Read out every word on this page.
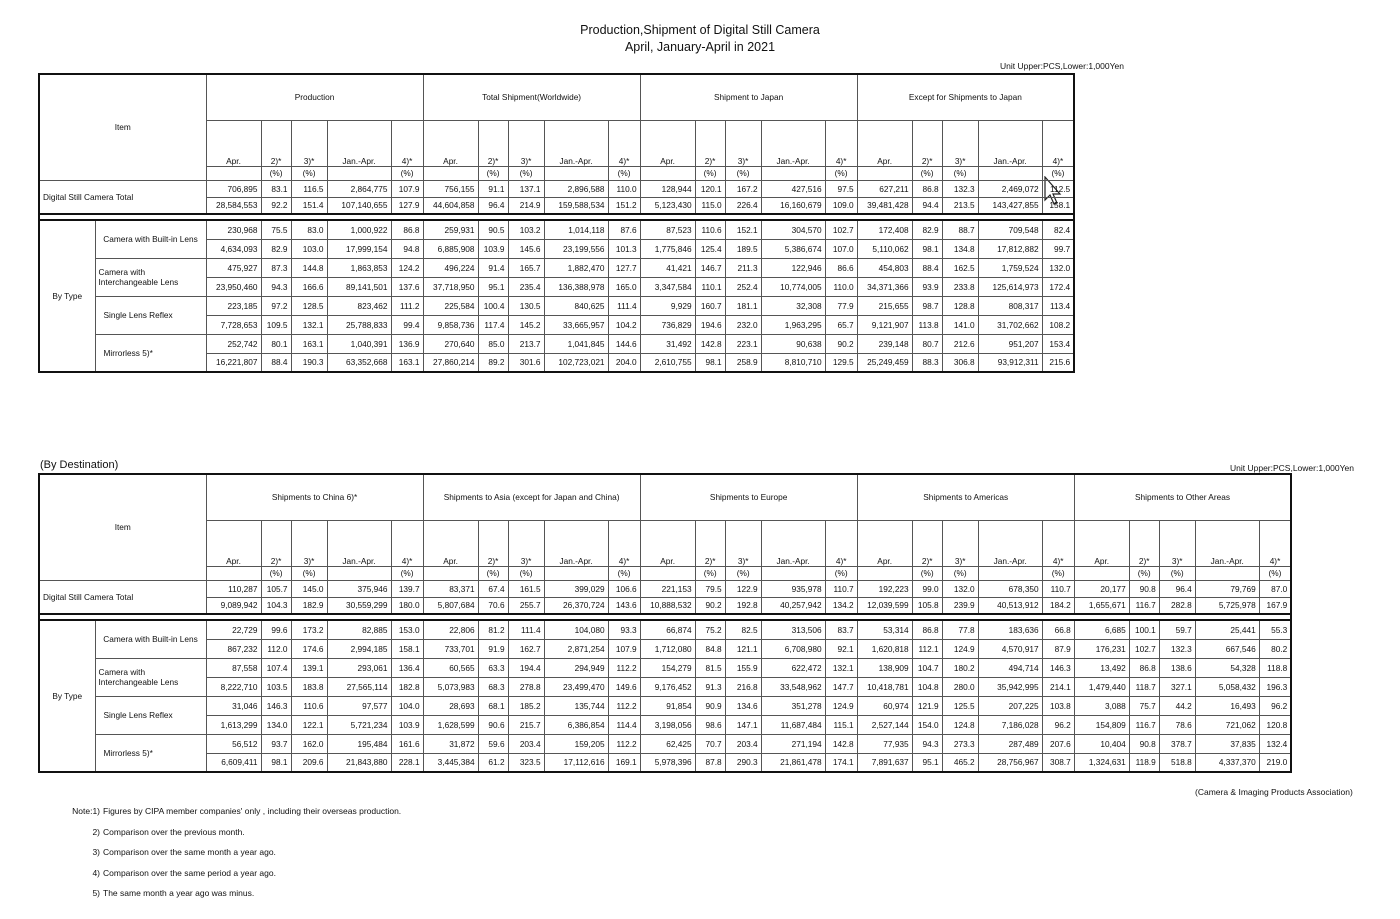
Production,Shipment of Digital Still Camera
April, January-April in 2021
Unit Upper:PCS,Lower:1,000Yen
(By Destination)	Unit Upper:PCS,Lower:1,000Yen
(Camera & Imaging Products Association)
Item		Production					Total Shipment(Worldwide)					Shipment to Japan					Except for Shipments to Japan				
		Apr.	2)*	3)*	Jan.-Apr.	4)*	Apr.	2)*	3)*	Jan.-Apr.	4)*	Apr.	2)*	3)*	Jan.-Apr.	4)*	Apr.	2)*	3)*	Jan.-Apr.	4)*
			(%)	(%)		(%)		(%)	(%)		(%)		(%)	(%)		(%)		(%)	(%)		(%)
Digital Still Camera Total		706,895	83.1	116.5	2,864,775	107.9	756,155	91.1	137.1	2,896,588	110.0	128,944	120.1	167.2	427,516	97.5	627,211	86.8	132.3	2,469,072	112.5
		28,584,553	92.2	151.4	107,140,655	127.9	44,604,858	96.4	214.9	159,588,534	151.2	5,123,430	115.0	226.4	16,160,679	109.0	39,481,428	94.4	213.5	143,427,855	158.1

By Type	Camera with Built-in Lens	230,968	75.5	83.0	1,000,922	86.8	259,931	90.5	103.2	1,014,118	87.6	87,523	110.6	152.1	304,570	102.7	172,408	82.9	88.7	709,548	82.4
		4,634,093	82.9	103.0	17,999,154	94.8	6,885,908	103.9	145.6	23,199,556	101.3	1,775,846	125.4	189.5	5,386,674	107.0	5,110,062	98.1	134.8	17,812,882	99.7
	Camera with Interchangeable Lens	475,927	87.3	144.8	1,863,853	124.2	496,224	91.4	165.7	1,882,470	127.7	41,421	146.7	211.3	122,946	86.6	454,803	88.4	162.5	1,759,524	132.0
		23,950,460	94.3	166.6	89,141,501	137.6	37,718,950	95.1	235.4	136,388,978	165.0	3,347,584	110.1	252.4	10,774,005	110.0	34,371,366	93.9	233.8	125,614,973	172.4
	Single Lens Reflex	223,185	97.2	128.5	823,462	111.2	225,584	100.4	130.5	840,625	111.4	9,929	160.7	181.1	32,308	77.9	215,655	98.7	128.8	808,317	113.4
		7,728,653	109.5	132.1	25,788,833	99.4	9,858,736	117.4	145.2	33,665,957	104.2	736,829	194.6	232.0	1,963,295	65.7	9,121,907	113.8	141.0	31,702,662	108.2
	Mirrorless 5)*	252,742	80.1	163.1	1,040,391	136.9	270,640	85.0	213.7	1,041,845	144.6	31,492	142.8	223.1	90,638	90.2	239,148	80.7	212.6	951,207	153.4
		16,221,807	88.4	190.3	63,352,668	163.1	27,860,214	89.2	301.6	102,723,021	204.0	2,610,755	98.1	258.9	8,810,710	129.5	25,249,459	88.3	306.8	93,912,311	215.6
Item		Shipments to China 6)*					Shipments to Asia (except for Japan and China)					Shipments to Europe					Shipments to Americas					Shipments to Other Areas				
		Apr.	2)*	3)*	Jan.-Apr.	4)*	Apr.	2)*	3)*	Jan.-Apr.	4)*	Apr.	2)*	3)*	Jan.-Apr.	4)*	Apr.	2)*	3)*	Jan.-Apr.	4)*	Apr.	2)*	3)*	Jan.-Apr.	4)*
			(%)	(%)		(%)		(%)	(%)		(%)		(%)	(%)		(%)		(%)	(%)		(%)		(%)	(%)		(%)
Digital Still Camera Total		110,287	105.7	145.0	375,946	139.7	83,371	67.4	161.5	399,029	106.6	221,153	79.5	122.9	935,978	110.7	192,223	99.0	132.0	678,350	110.7	20,177	90.8	96.4	79,769	87.0
		9,089,942	104.3	182.9	30,559,299	180.0	5,807,684	70.6	255.7	26,370,724	143.6	10,888,532	90.2	192.8	40,257,942	134.2	12,039,599	105.8	239.9	40,513,912	184.2	1,655,671	116.7	282.8	5,725,978	167.9

By Type	Camera with Built-in Lens	22,729	99.6	173.2	82,885	153.0	22,806	81.2	111.4	104,080	93.3	66,874	75.2	82.5	313,506	83.7	53,314	86.8	77.8	183,636	66.8	6,685	100.1	59.7	25,441	55.3
		867,232	112.0	174.6	2,994,185	158.1	733,701	91.9	162.7	2,871,254	107.9	1,712,080	84.8	121.1	6,708,980	92.1	1,620,818	112.1	124.9	4,570,917	87.9	176,231	102.7	132.3	667,546	80.2
	Camera with Interchangeable Lens	87,558	107.4	139.1	293,061	136.4	60,565	63.3	194.4	294,949	112.2	154,279	81.5	155.9	622,472	132.1	138,909	104.7	180.2	494,714	146.3	13,492	86.8	138.6	54,328	118.8
		8,222,710	103.5	183.8	27,565,114	182.8	5,073,983	68.3	278.8	23,499,470	149.6	9,176,452	91.3	216.8	33,548,962	147.7	10,418,781	104.8	280.0	35,942,995	214.1	1,479,440	118.7	327.1	5,058,432	196.3
	Single Lens Reflex	31,046	146.3	110.6	97,577	104.0	28,693	68.1	185.2	135,744	112.2	91,854	90.9	134.6	351,278	124.9	60,974	121.9	125.5	207,225	103.8	3,088	75.7	44.2	16,493	96.2
		1,613,299	134.0	122.1	5,721,234	103.9	1,628,599	90.6	215.7	6,386,854	114.4	3,198,056	98.6	147.1	11,687,484	115.1	2,527,144	154.0	124.8	7,186,028	96.2	154,809	116.7	78.6	721,062	120.8
	Mirrorless 5)*	56,512	93.7	162.0	195,484	161.6	31,872	59.6	203.4	159,205	112.2	62,425	70.7	203.4	271,194	142.8	77,935	94.3	273.3	287,489	207.6	10,404	90.8	378.7	37,835	132.4
		6,609,411	98.1	209.6	21,843,880	228.1	3,445,384	61.2	323.5	17,112,616	169.1	5,978,396	87.8	290.3	21,861,478	174.1	7,891,637	95.1	465.2	28,756,967	308.7	1,324,631	118.9	518.8	4,337,370	219.0
Note:1) Figures by CIPA member companies' only , including their overseas production.
2) Comparison over the previous month.
3) Comparison over the same month a year ago.
4) Comparison over the same period a year ago.
5) The same month a year ago was minus.
